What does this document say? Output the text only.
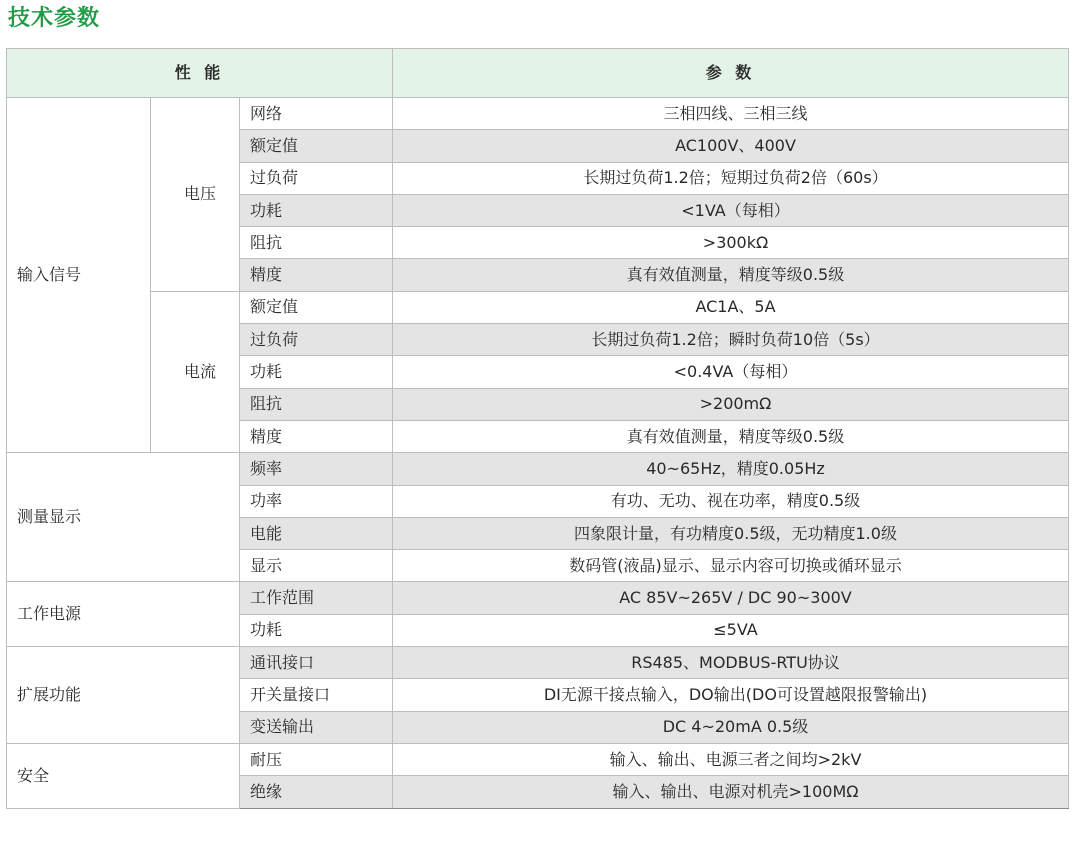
技术参数
性 能			参 数
输入信号	电压	网络	三相四线、三相三线
		额定值	AC100V、400V
		过负荷	长期过负荷1.2倍；短期过负荷2倍（60s）
		功耗	<1VA（每相）
		阻抗	>300kΩ
		精度	真有效值测量，精度等级0.5级
	电流	额定值	AC1A、5A
		过负荷	长期过负荷1.2倍；瞬时负荷10倍（5s）
		功耗	<0.4VA（每相）
		阻抗	>200mΩ
		精度	真有效值测量，精度等级0.5级
测量显示		频率	40~65Hz，精度0.05Hz
		功率	有功、无功、视在功率，精度0.5级
		电能	四象限计量，有功精度0.5级，无功精度1.0级
		显示	数码管(液晶)显示、显示内容可切换或循环显示
工作电源		工作范围	AC 85V~265V / DC 90~300V
		功耗	≤5VA
扩展功能		通讯接口	RS485、MODBUS-RTU协议
		开关量接口	DI无源干接点输入，DO输出(DO可设置越限报警输出)
		变送输出	DC 4~20mA 0.5级
安全		耐压	输入、输出、电源三者之间均>2kV
		绝缘	输入、输出、电源对机壳>100MΩ
